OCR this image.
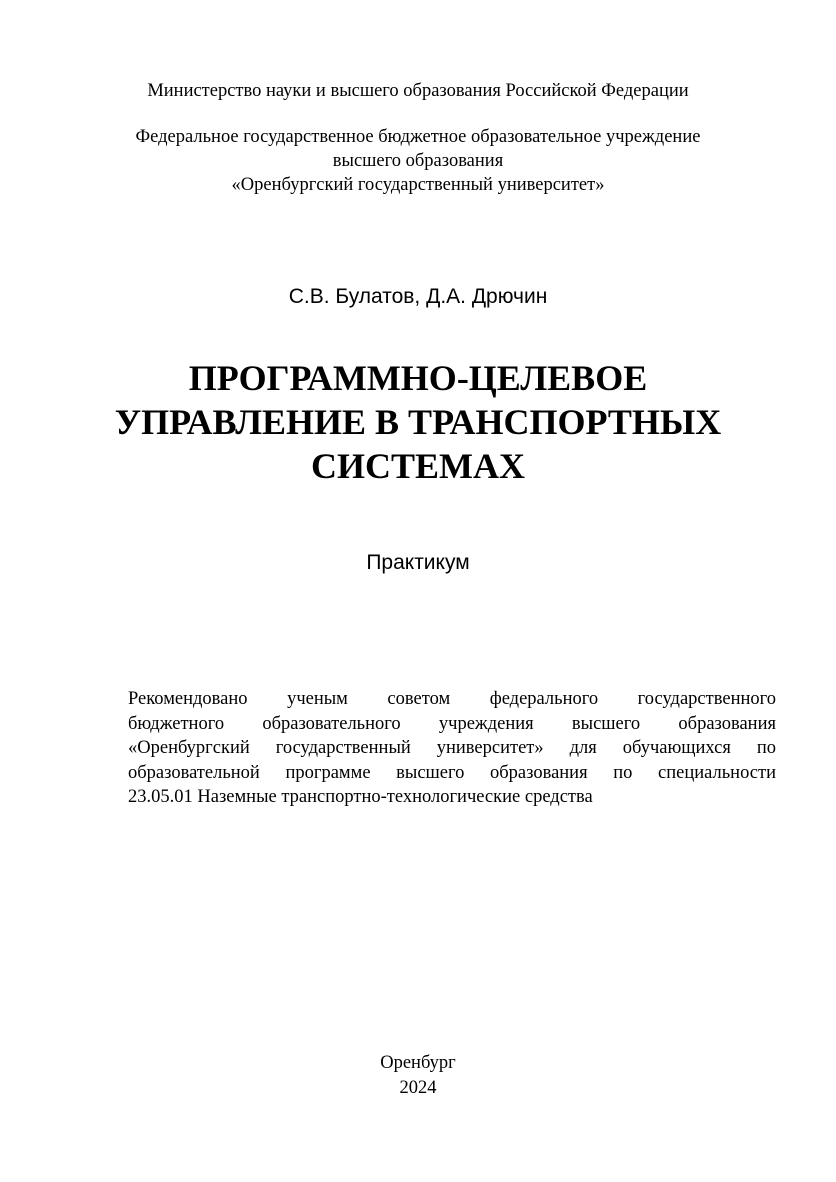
Министерство науки и высшего образования Российской Федерации
Федеральное государственное бюджетное образовательное учреждение
высшего образования
«Оренбургский государственный университет»
С.В. Булатов, Д.А. Дрючин
ПРОГРАММНО-ЦЕЛЕВОЕ
УПРАВЛЕНИЕ В ТРАНСПОРТНЫХ
СИСТЕМАХ
Практикум
Рекомендовано ученым советом федерального государственного
бюджетного образовательного учреждения высшего образования
«Оренбургский государственный университет» для обучающихся по
образовательной программе высшего образования по специальности
23.05.01 Наземные транспортно-технологические средства
Оренбург
2024
